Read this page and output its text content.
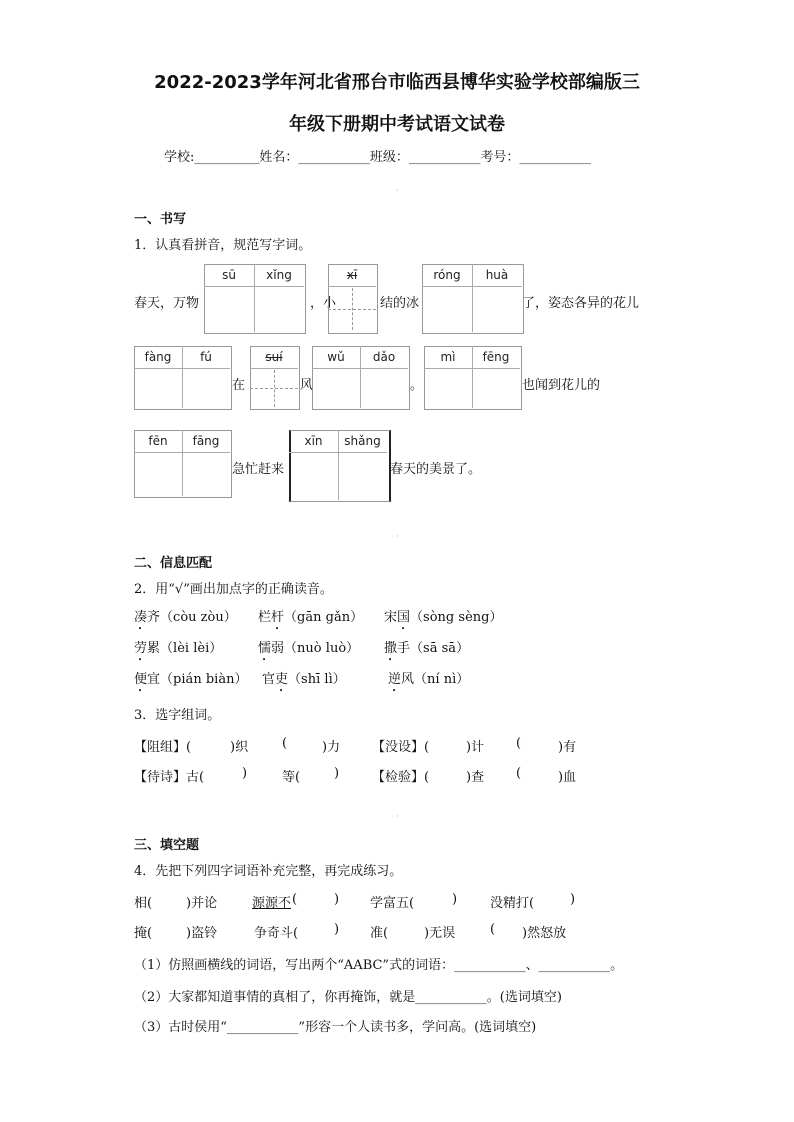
2022-2023学年河北省邢台市临西县博华实验学校部编版三
年级下册期中考试语文试卷
学校:__________姓名：___________班级：___________考号：___________
·
一、书写
1．认真看拼音，规范写字词。
春天，万物
sū	xǐng
，小
xī
结的冰
róng	huà
了，姿态各异的花儿
fàng	fú
在
suí
风
wǔ	dǎo
。
mì	fēng
也闻到花儿的
fēn	fāng
急忙赶来
xīn	shǎng
春天的美景了。
·
二、信息匹配
2．用“√”画出加点字的正确读音。
凑齐（còu zòu） 栏杆（gān gǎn） 宋国（sòng sèng）
劳累（lèi lèi）	懦弱（nuò luò） 撒手（sā sā）
便宜（pián biàn） 官吏（shī lì）	逆风（ní nì）
3．选字组词。
【阻组】(	)织	(	)力 【没设】(	)计 (	)有
【待诗】古(	)	等(	)	【检验】(	)查 (	)血
·
三、填空题
4．先把下列四字词语补充完整，再完成练习。
相(	)并论	源源不 (	) 学富五(	)	没精打(	)
掩(	)盗铃	争奇斗(	) 准(	)无误	( )然怒放
（1）仿照画横线的词语，写出两个“AABC”式的词语：___________、___________。
（2）大家都知道事情的真相了，你再掩饰，就是___________。(选词填空)
（3）古时侯用“___________”形容一个人读书多，学问高。(选词填空)
